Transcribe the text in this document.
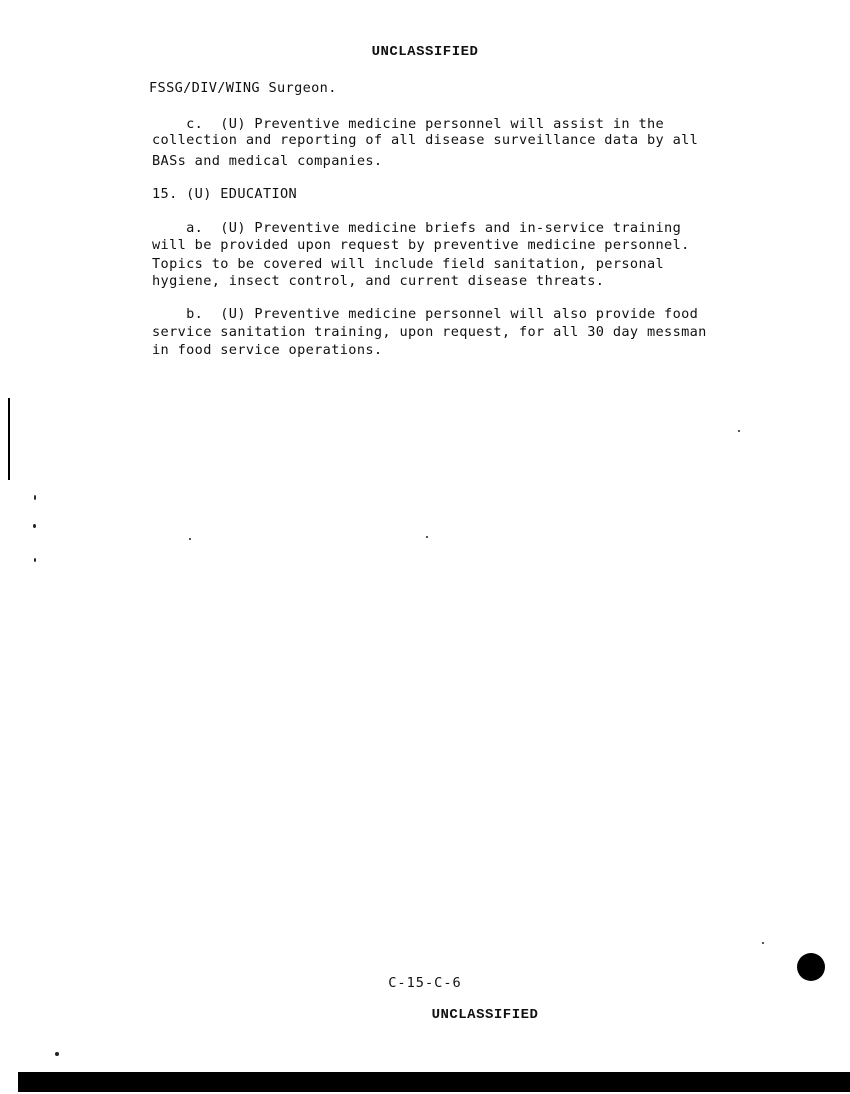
UNCLASSIFIED
FSSG/DIV/WING Surgeon.
c.  (U) Preventive medicine personnel will assist in the
collection and reporting of all disease surveillance data by all
BASs and medical companies.
15. (U) EDUCATION
a.  (U) Preventive medicine briefs and in-service training
will be provided upon request by preventive medicine personnel.
Topics to be covered will include field sanitation, personal
hygiene, insect control, and current disease threats.
b.  (U) Preventive medicine personnel will also provide food
service sanitation training, upon request, for all 30 day messman
in food service operations.
C-15-C-6
UNCLASSIFIED
